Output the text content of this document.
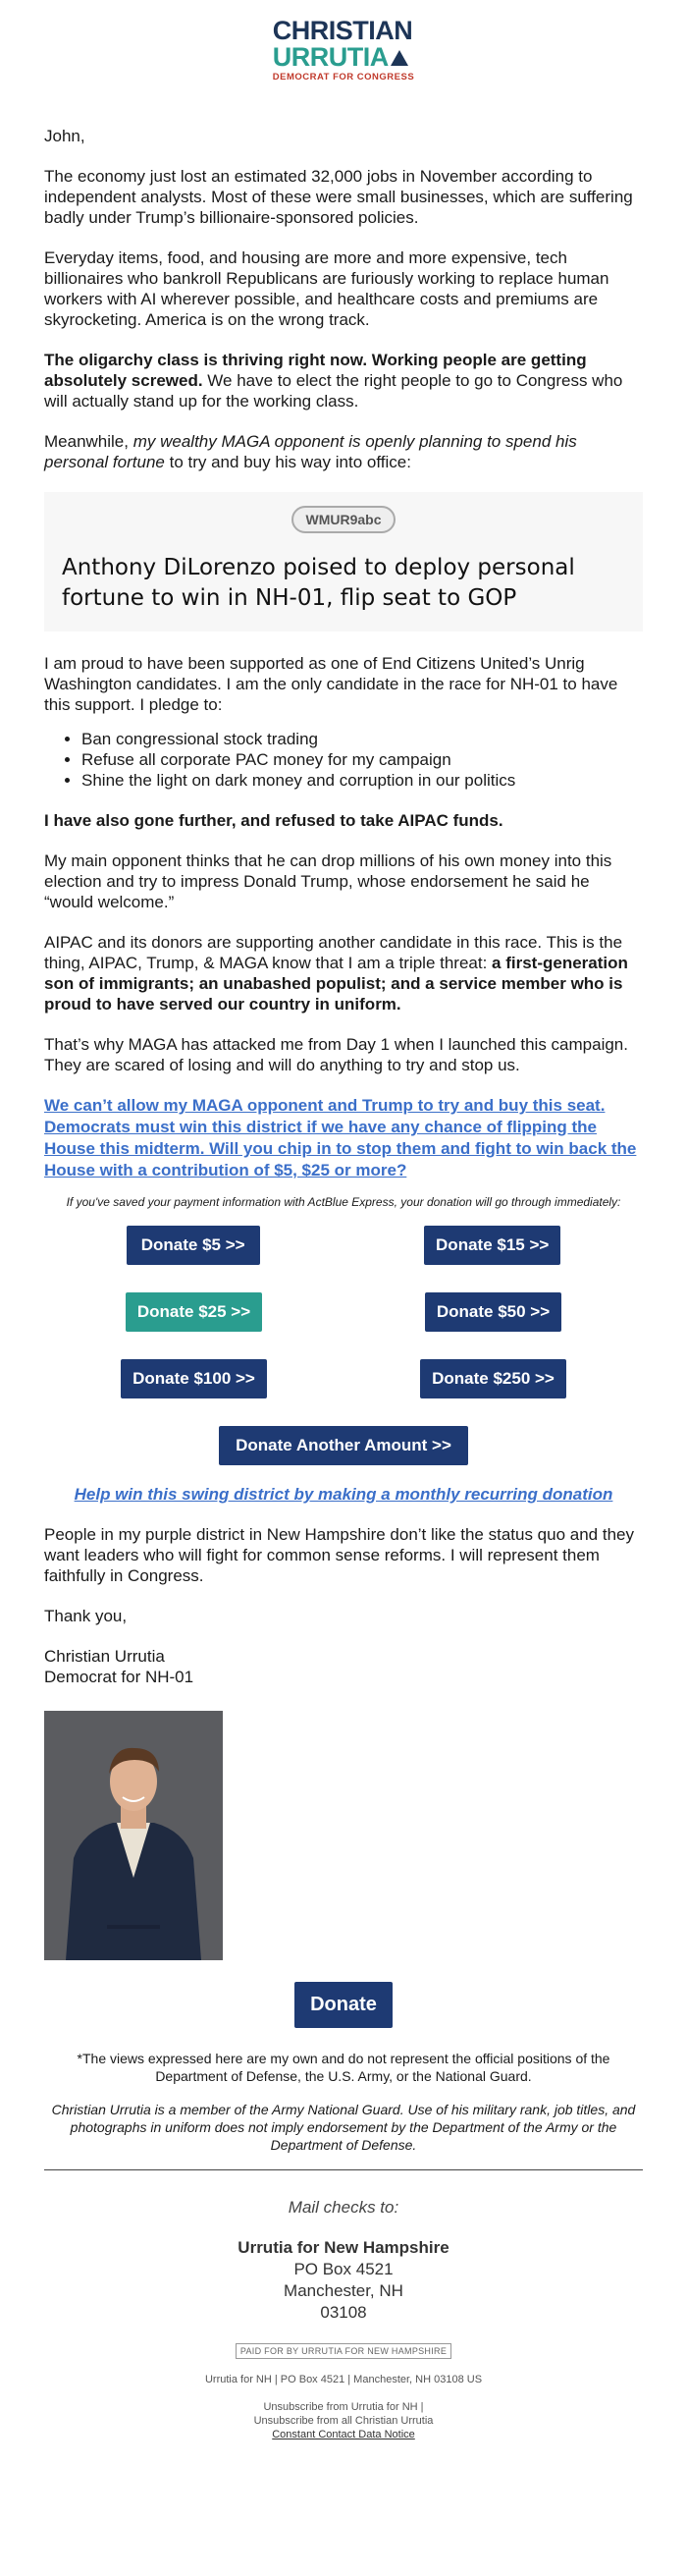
CHRISTIAN
URRUTIA
DEMOCRAT FOR CONGRESS

John,

The economy just lost an estimated 32,000 jobs in November according to independent analysts. Most of these were small businesses, which are suffering badly under Trump’s billionaire-sponsored policies.

Everyday items, food, and housing are more and more expensive, tech billionaires who bankroll Republicans are furiously working to replace human workers with AI wherever possible, and healthcare costs and premiums are skyrocketing. America is on the wrong track.

The oligarchy class is thriving right now. Working people are getting absolutely screwed. We have to elect the right people to go to Congress who will actually stand up for the working class.

Meanwhile, my wealthy MAGA opponent is openly planning to spend his personal fortune to try and buy his way into office:

WMUR9abc
Anthony DiLorenzo poised to deploy personal fortune to win in NH-01, flip seat to GOP

I am proud to have been supported as one of End Citizens United’s Unrig Washington candidates. I am the only candidate in the race for NH-01 to have this support. I pledge to:

• Ban congressional stock trading
• Refuse all corporate PAC money for my campaign
• Shine the light on dark money and corruption in our politics

I have also gone further, and refused to take AIPAC funds.

My main opponent thinks that he can drop millions of his own money into this election and try to impress Donald Trump, whose endorsement he said he “would welcome.”

AIPAC and its donors are supporting another candidate in this race. This is the thing, AIPAC, Trump, & MAGA know that I am a triple threat: a first-generation son of immigrants; an unabashed populist; and a service member who is proud to have served our country in uniform.

That’s why MAGA has attacked me from Day 1 when I launched this campaign. They are scared of losing and will do anything to try and stop us.

We can’t allow my MAGA opponent and Trump to try and buy this seat. Democrats must win this district if we have any chance of flipping the House this midterm. Will you chip in to stop them and fight to win back the House with a contribution of $5, $25 or more?
If you've saved your payment information with ActBlue Express, your donation will go through immediately:
Donate $5 >>	Donate $15 >>
Donate $25 >>	Donate $50 >>
Donate $100 >>	Donate $250 >>
Donate Another Amount >>
Help win this swing district by making a monthly recurring donation

People in my purple district in New Hampshire don’t like the status quo and they want leaders who will fight for common sense reforms. I will represent them faithfully in Congress.

Thank you,

Christian Urrutia
Democrat for NH-01

Donate
*The views expressed here are my own and do not represent the official positions of the Department of Defense, the U.S. Army, or the National Guard.
Christian Urrutia is a member of the Army National Guard. Use of his military rank, job titles, and photographs in uniform does not imply endorsement by the Department of the Army or the Department of Defense.
Mail checks to:
Urrutia for New Hampshire
PO Box 4521
Manchester, NH
03108
PAID FOR BY URRUTIA FOR NEW HAMPSHIRE
Urrutia for NH | PO Box 4521 | Manchester, NH 03108 US
Unsubscribe from Urrutia for NH |
Unsubscribe from all Christian Urrutia
Constant Contact Data Notice
